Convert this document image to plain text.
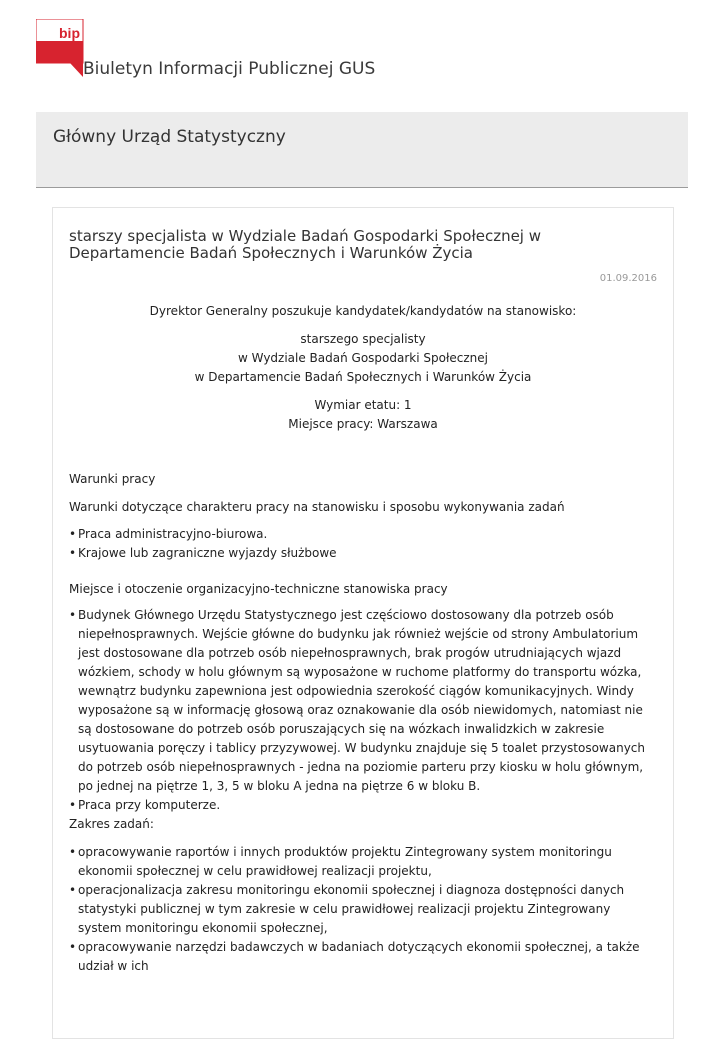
bip
Biuletyn Informacji Publicznej GUS
Główny Urząd Statystyczny
starszy specjalista w Wydziale Badań Gospodarki Społecznej w Departamencie Badań Społecznych i Warunków Życia
01.09.2016

Dyrektor Generalny poszukuje kandydatek/kandydatów na stanowisko:

starszego specjalisty
w Wydziale Badań Gospodarki Społecznej
w Departamencie Badań Społecznych i Warunków Życia
Wymiar etatu: 1
Miejsce pracy: Warszawa

Warunki pracy

Warunki dotyczące charakteru pracy na stanowisku i sposobu wykonywania zadań

• Praca administracyjno-biurowa.
• Krajowe lub zagraniczne wyjazdy służbowe

Miejsce i otoczenie organizacyjno-techniczne stanowiska pracy

• Budynek Głównego Urzędu Statystycznego jest częściowo dostosowany dla potrzeb osób niepełnosprawnych. Wejście główne do budynku jak również wejście od strony Ambulatorium jest dostosowane dla potrzeb osób niepełnosprawnych, brak progów utrudniających wjazd wózkiem, schody w holu głównym są wyposażone w ruchome platformy do transportu wózka, wewnątrz budynku zapewniona jest odpowiednia szerokość ciągów komunikacyjnych. Windy wyposażone są w informację głosową oraz oznakowanie dla osób niewidomych, natomiast nie są dostosowane do potrzeb osób poruszających się na wózkach inwalidzkich w zakresie usytuowania poręczy i tablicy przyzywowej. W budynku znajduje się 5 toalet przystosowanych do potrzeb osób niepełnosprawnych - jedna na poziomie parteru przy kiosku w holu głównym, po jednej na piętrze 1, 3, 5 w bloku A jedna na piętrze 6 w bloku B.
• Praca przy komputerze.

Zakres zadań:

• opracowywanie raportów i innych produktów projektu Zintegrowany system monitoringu ekonomii społecznej w celu prawidłowej realizacji projektu,
• operacjonalizacja zakresu monitoringu ekonomii społecznej i diagnoza dostępności danych statystyki publicznej w tym zakresie w celu prawidłowej realizacji projektu Zintegrowany system monitoringu ekonomii społecznej,
• opracowywanie narzędzi badawczych w badaniach dotyczących ekonomii społecznej, a także udział w ich
